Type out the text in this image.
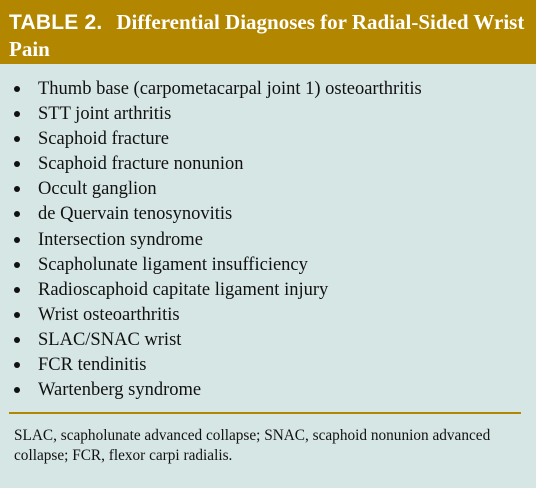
TABLE 2. Differential Diagnoses for Radial-Sided Wrist Pain
Thumb base (carpometacarpal joint 1) osteoarthritis
STT joint arthritis
Scaphoid fracture
Scaphoid fracture nonunion
Occult ganglion
de Quervain tenosynovitis
Intersection syndrome
Scapholunate ligament insufficiency
Radioscaphoid capitate ligament injury
Wrist osteoarthritis
SLAC/SNAC wrist
FCR tendinitis
Wartenberg syndrome
SLAC, scapholunate advanced collapse; SNAC, scaphoid nonunion advanced collapse; FCR, flexor carpi radialis.
